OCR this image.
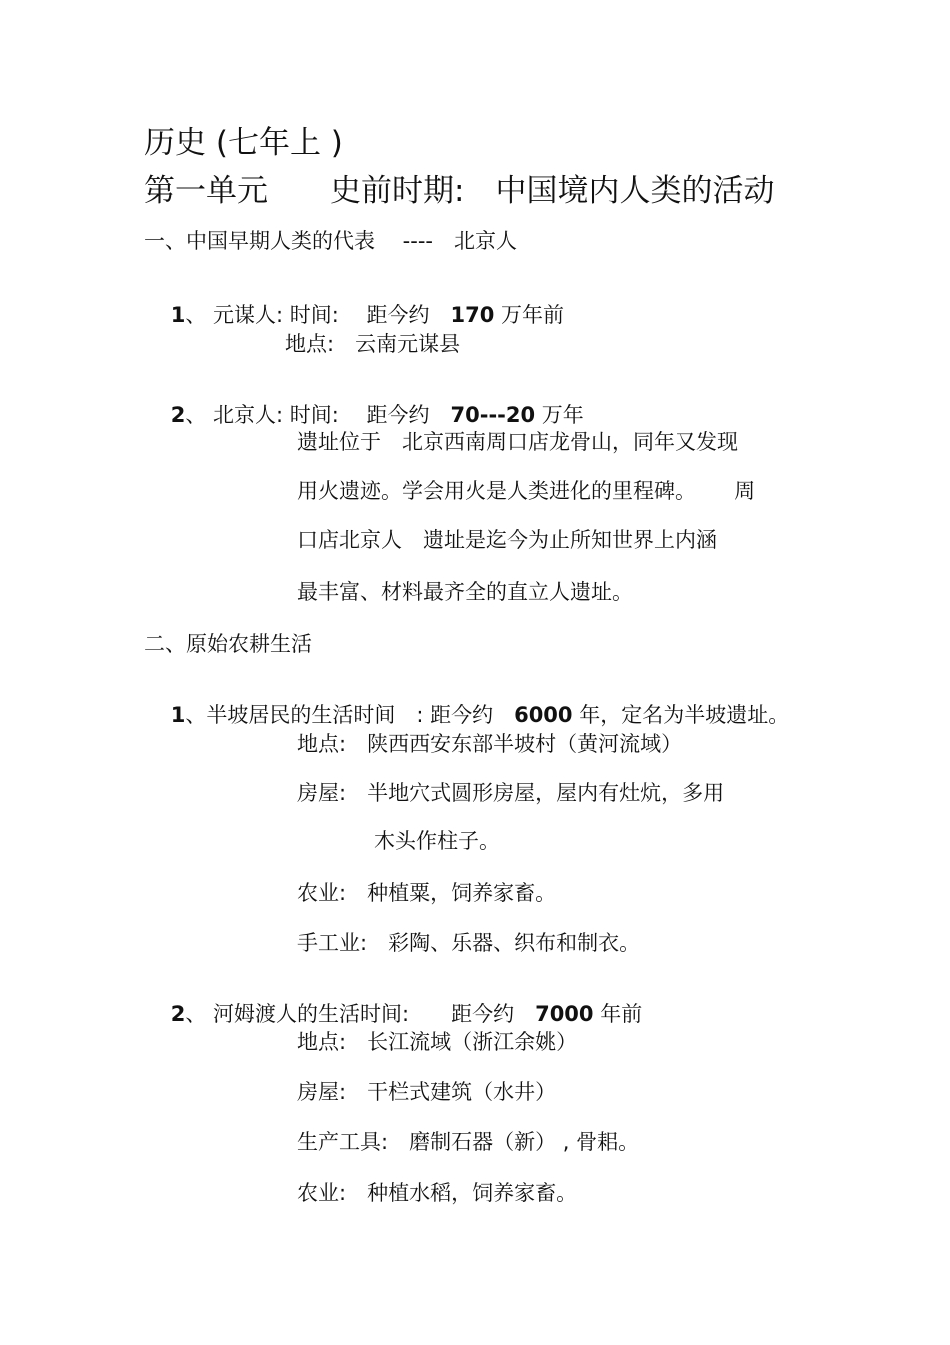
历史 (七年上 )
第一单元　　史前时期:　中国境内人类的活动
一、中国早期人类的代表　 ----　北京人

1、 元谋人: 时间:　 距今约　170 万年前

地点:　云南元谋县

2、 北京人: 时间:　 距今约　70---20 万年

遗址位于　北京西南周口店龙骨山，同年又发现
用火遗迹。学会用火是人类进化的里程碑。　　 周
口店北京人　遗址是迄今为止所知世界上内涵
最丰富、材料最齐全的直立人遗址。
二、原始农耕生活

1、半坡居民的生活时间　: 距今约　6000 年，定名为半坡遗址。

地点:　陕西西安东部半坡村（黄河流域）
房屋:　半地穴式圆形房屋，屋内有灶炕，多用
木头作柱子。
农业:　种植粟，饲养家畜。
手工业:　彩陶、乐器、织布和制衣。

2、 河姆渡人的生活时间:　　距今约　7000 年前

地点:　长江流域（浙江余姚）
房屋:　干栏式建筑（水井）
生产工具:　磨制石器（新） , 骨耜。
农业:　种植水稻，饲养家畜。
